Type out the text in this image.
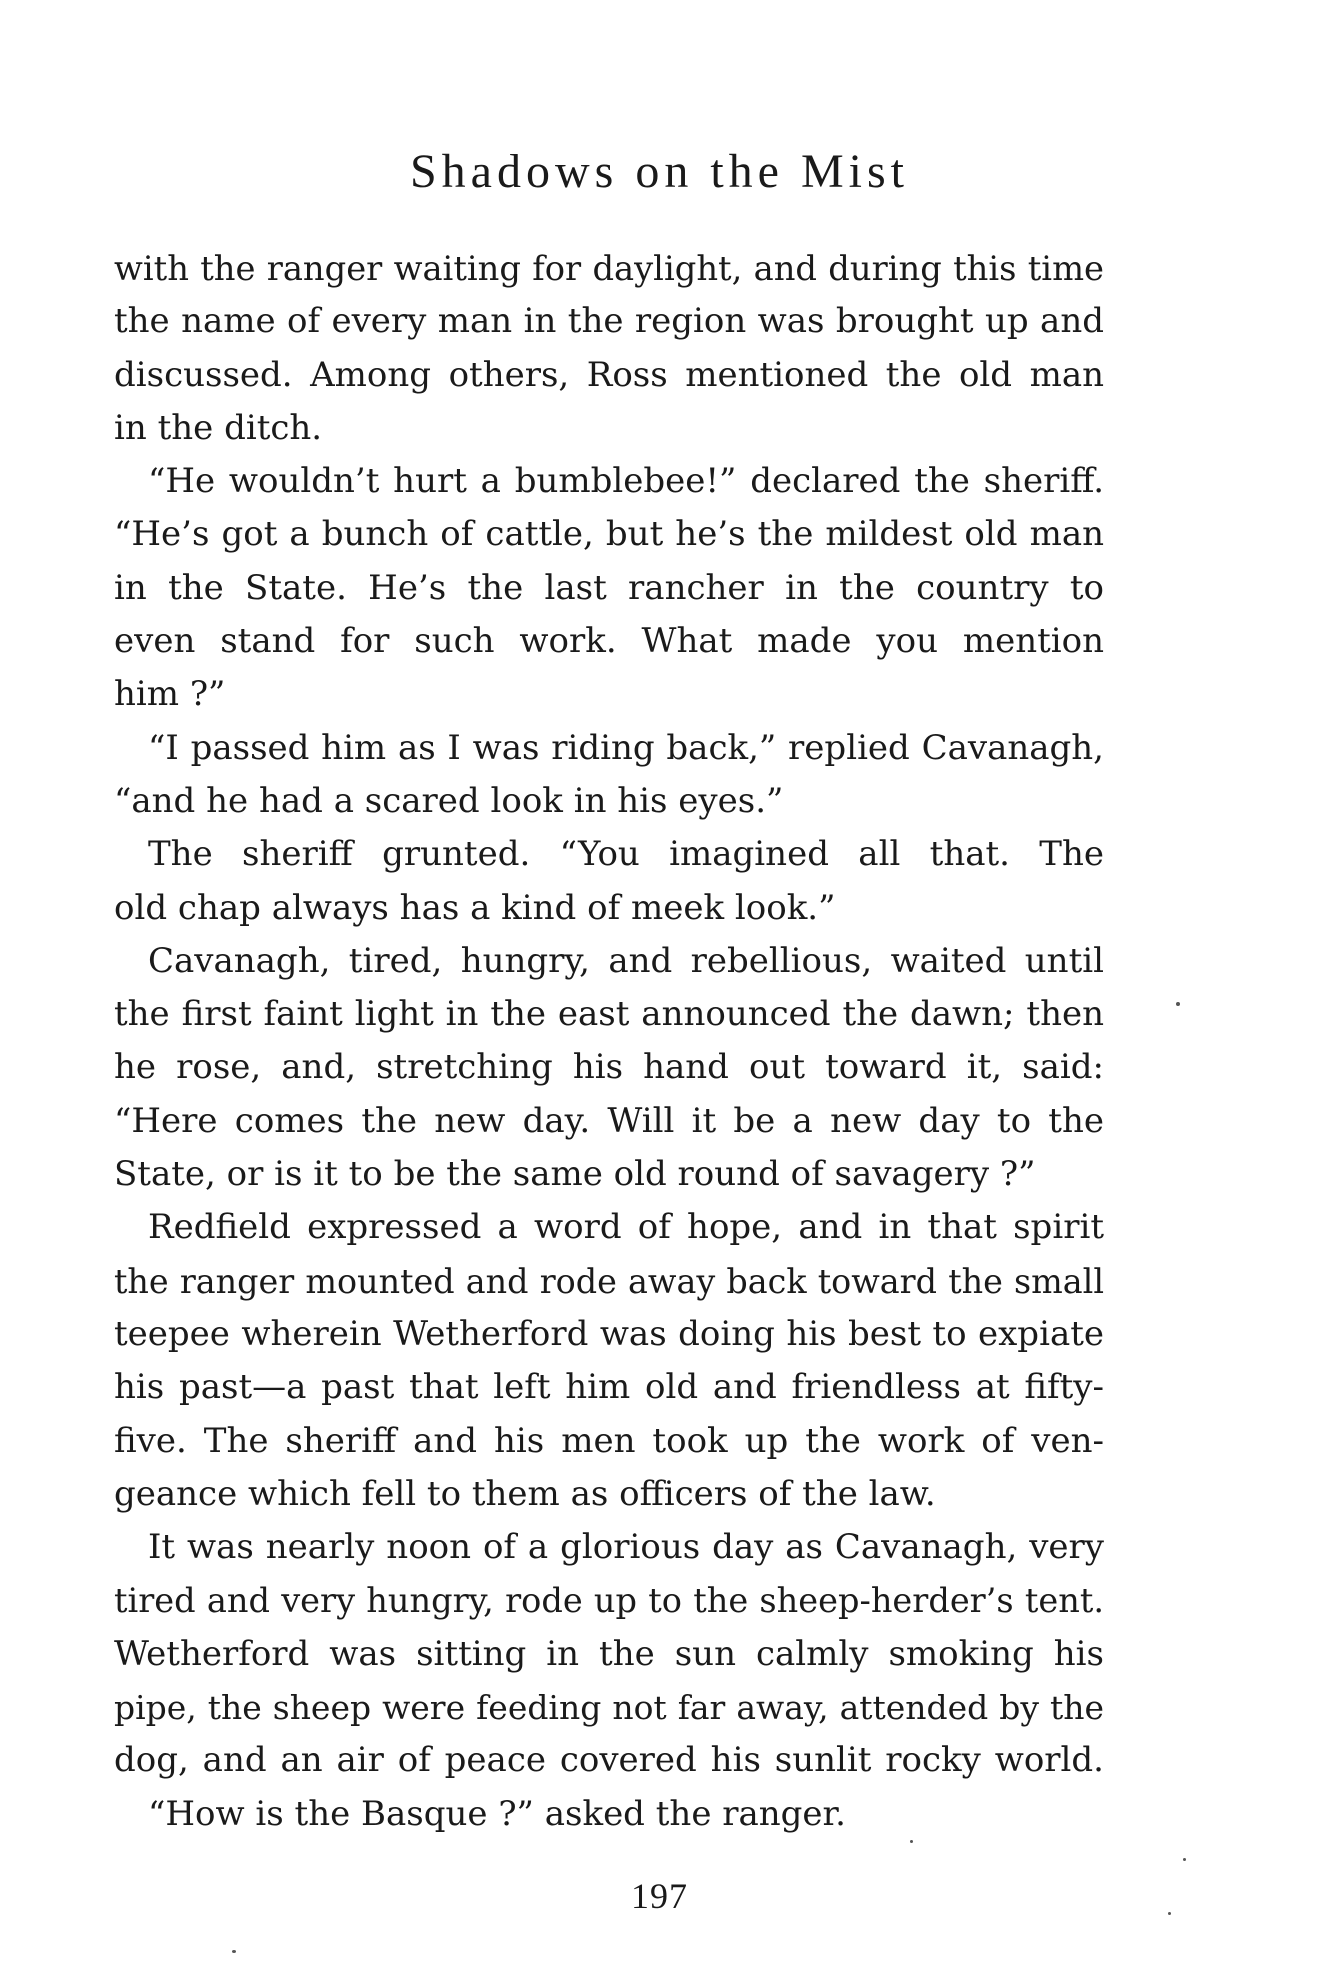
Shadows on the Mist
with the ranger waiting for daylight, and during this time
the name of every man in the region was brought up and
discussed. Among others, Ross mentioned the old man
in the ditch.
“He wouldn’t hurt a bumblebee!” declared the sheriff.
“He’s got a bunch of cattle, but he’s the mildest old man
in the State. He’s the last rancher in the country to
even stand for such work. What made you mention
him ?”
“I passed him as I was riding back,” replied Cavanagh,
“and he had a scared look in his eyes.”
The sheriff grunted. “You imagined all that. The
old chap always has a kind of meek look.”
Cavanagh, tired, hungry, and rebellious, waited until
the first faint light in the east announced the dawn; then
he rose, and, stretching his hand out toward it, said:
“Here comes the new day. Will it be a new day to the
State, or is it to be the same old round of savagery ?”
Redfield expressed a word of hope, and in that spirit
the ranger mounted and rode away back toward the small
teepee wherein Wetherford was doing his best to expiate
his past—a past that left him old and friendless at fifty-
five. The sheriff and his men took up the work of ven-
geance which fell to them as officers of the law.
It was nearly noon of a glorious day as Cavanagh, very
tired and very hungry, rode up to the sheep-herder’s tent.
Wetherford was sitting in the sun calmly smoking his
pipe, the sheep were feeding not far away, attended by the
dog, and an air of peace covered his sunlit rocky world.
“How is the Basque ?” asked the ranger.
197
